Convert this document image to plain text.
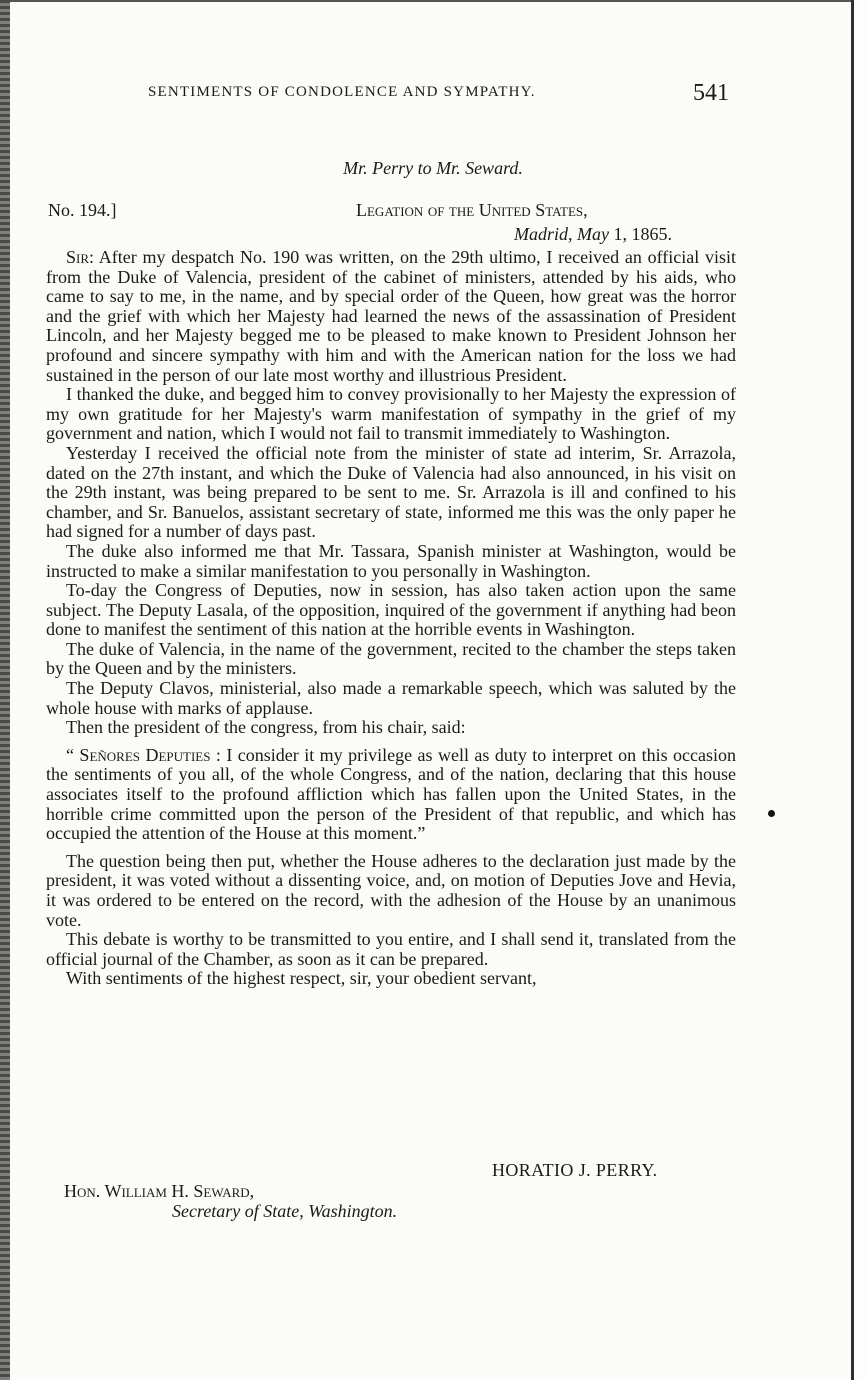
SENTIMENTS OF CONDOLENCE AND SYMPATHY.	541
Mr. Perry to Mr. Seward.
No. 194.]	Legation of the United States,
Madrid, May 1, 1865.

Sir: After my despatch No. 190 was written, on the 29th ultimo, I received an official visit from the Duke of Valencia, president of the cabinet of ministers, attended by his aids, who came to say to me, in the name, and by special order of the Queen, how great was the horror and the grief with which her Majesty had learned the news of the assassination of President Lincoln, and her Majesty begged me to be pleased to make known to President Johnson her profound and sincere sympathy with him and with the American nation for the loss we had sustained in the person of our late most worthy and illustrious President.

I thanked the duke, and begged him to convey provisionally to her Majesty the expression of my own gratitude for her Majesty's warm manifestation of sympathy in the grief of my government and nation, which I would not fail to transmit immediately to Washington.

Yesterday I received the official note from the minister of state ad interim, Sr. Arrazola, dated on the 27th instant, and which the Duke of Valencia had also announced, in his visit on the 29th instant, was being prepared to be sent to me. Sr. Arrazola is ill and confined to his chamber, and Sr. Banuelos, assistant secretary of state, informed me this was the only paper he had signed for a number of days past.

The duke also informed me that Mr. Tassara, Spanish minister at Washington, would be instructed to make a similar manifestation to you personally in Washington.

To-day the Congress of Deputies, now in session, has also taken action upon the same subject. The Deputy Lasala, of the opposition, inquired of the government if anything had beon done to manifest the sentiment of this nation at the horrible events in Washington.

The duke of Valencia, in the name of the government, recited to the chamber the steps taken by the Queen and by the ministers.

The Deputy Clavos, ministerial, also made a remarkable speech, which was saluted by the whole house with marks of applause.

Then the president of the congress, from his chair, said:

“ Señores Deputies : I consider it my privilege as well as duty to interpret on this occasion the sentiments of you all, of the whole Congress, and of the nation, declaring that this house associates itself to the profound affliction which has fallen upon the United States, in the horrible crime committed upon the person of the President of that republic, and which has occupied the attention of the House at this moment.”

The question being then put, whether the House adheres to the declaration just made by the president, it was voted without a dissenting voice, and, on motion of Deputies Jove and Hevia, it was ordered to be entered on the record, with the adhesion of the House by an unanimous vote.

This debate is worthy to be transmitted to you entire, and I shall send it, translated from the official journal of the Chamber, as soon as it can be prepared.

With sentiments of the highest respect, sir, your obedient servant,

HORATIO J. PERRY.
Hon. William H. Seward,
Secretary of State, Washington.
